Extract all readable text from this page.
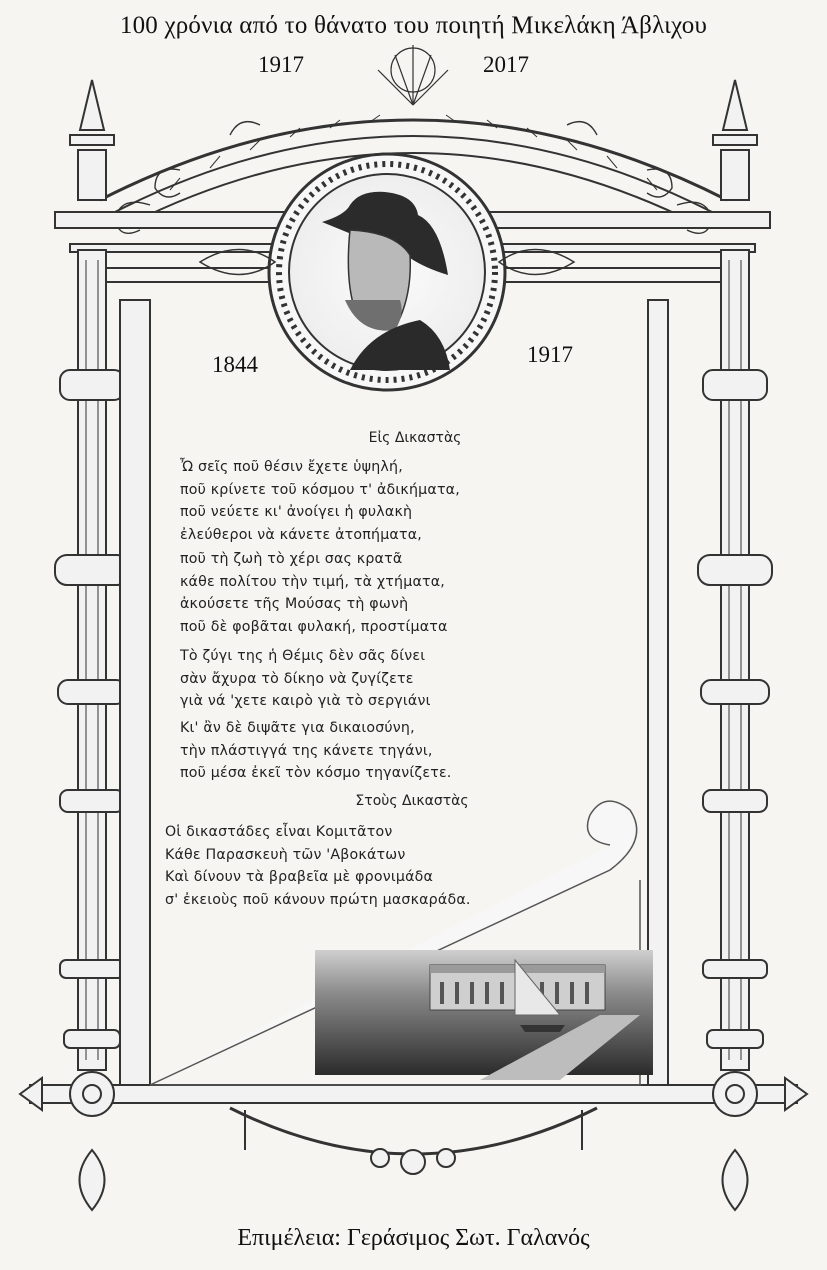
100 χρόνια από το θάνατο του ποιητή Μικελάκη Άβλιχου
1917	2017
1844	1917
Εἰς Δικαστὰς
Ὦ σεῖς ποῦ θέσιν ἔχετε ὑψηλή,
ποῦ κρίνετε τοῦ κόσμου τ' ἀδικήματα,
ποῦ νεύετε κι' ἀνοίγει ἡ φυλακὴ
ἐλεύθεροι νὰ κάνετε ἀτοπήματα,
ποῦ τὴ ζωὴ τὸ χέρι σας κρατᾶ
κάθε πολίτου τὴν τιμή, τὰ χτήματα,
ἀκούσετε τῆς Μούσας τὴ φωνὴ
ποῦ δὲ φοβᾶται φυλακή, προστίματα
Τὸ ζύγι της ἡ Θέμις δὲν σᾶς δίνει
σὰν ἄχυρα τὸ δίκηο νὰ ζυγίζετε
γιὰ νά 'χετε καιρὸ γιὰ τὸ σεργιάνι
Κι' ἂν δὲ διψᾶτε για δικαιοσύνη,
τὴν πλάστιγγά της κάνετε τηγάνι,
ποῦ μέσα ἐκεῖ τὸν κόσμο τηγανίζετε.
Στοὺς Δικαστὰς
Οἱ δικαστάδες εἶναι Κομιτᾶτον
Κάθε Παρασκευὴ τῶν 'Αβοκάτων
Καὶ δίνουν τὰ βραβεῖα μὲ φρονιμάδα
σ' ἐκειοὺς ποῦ κάνουν πρώτη μασκαράδα.
Επιμέλεια: Γεράσιμος Σωτ. Γαλανός
